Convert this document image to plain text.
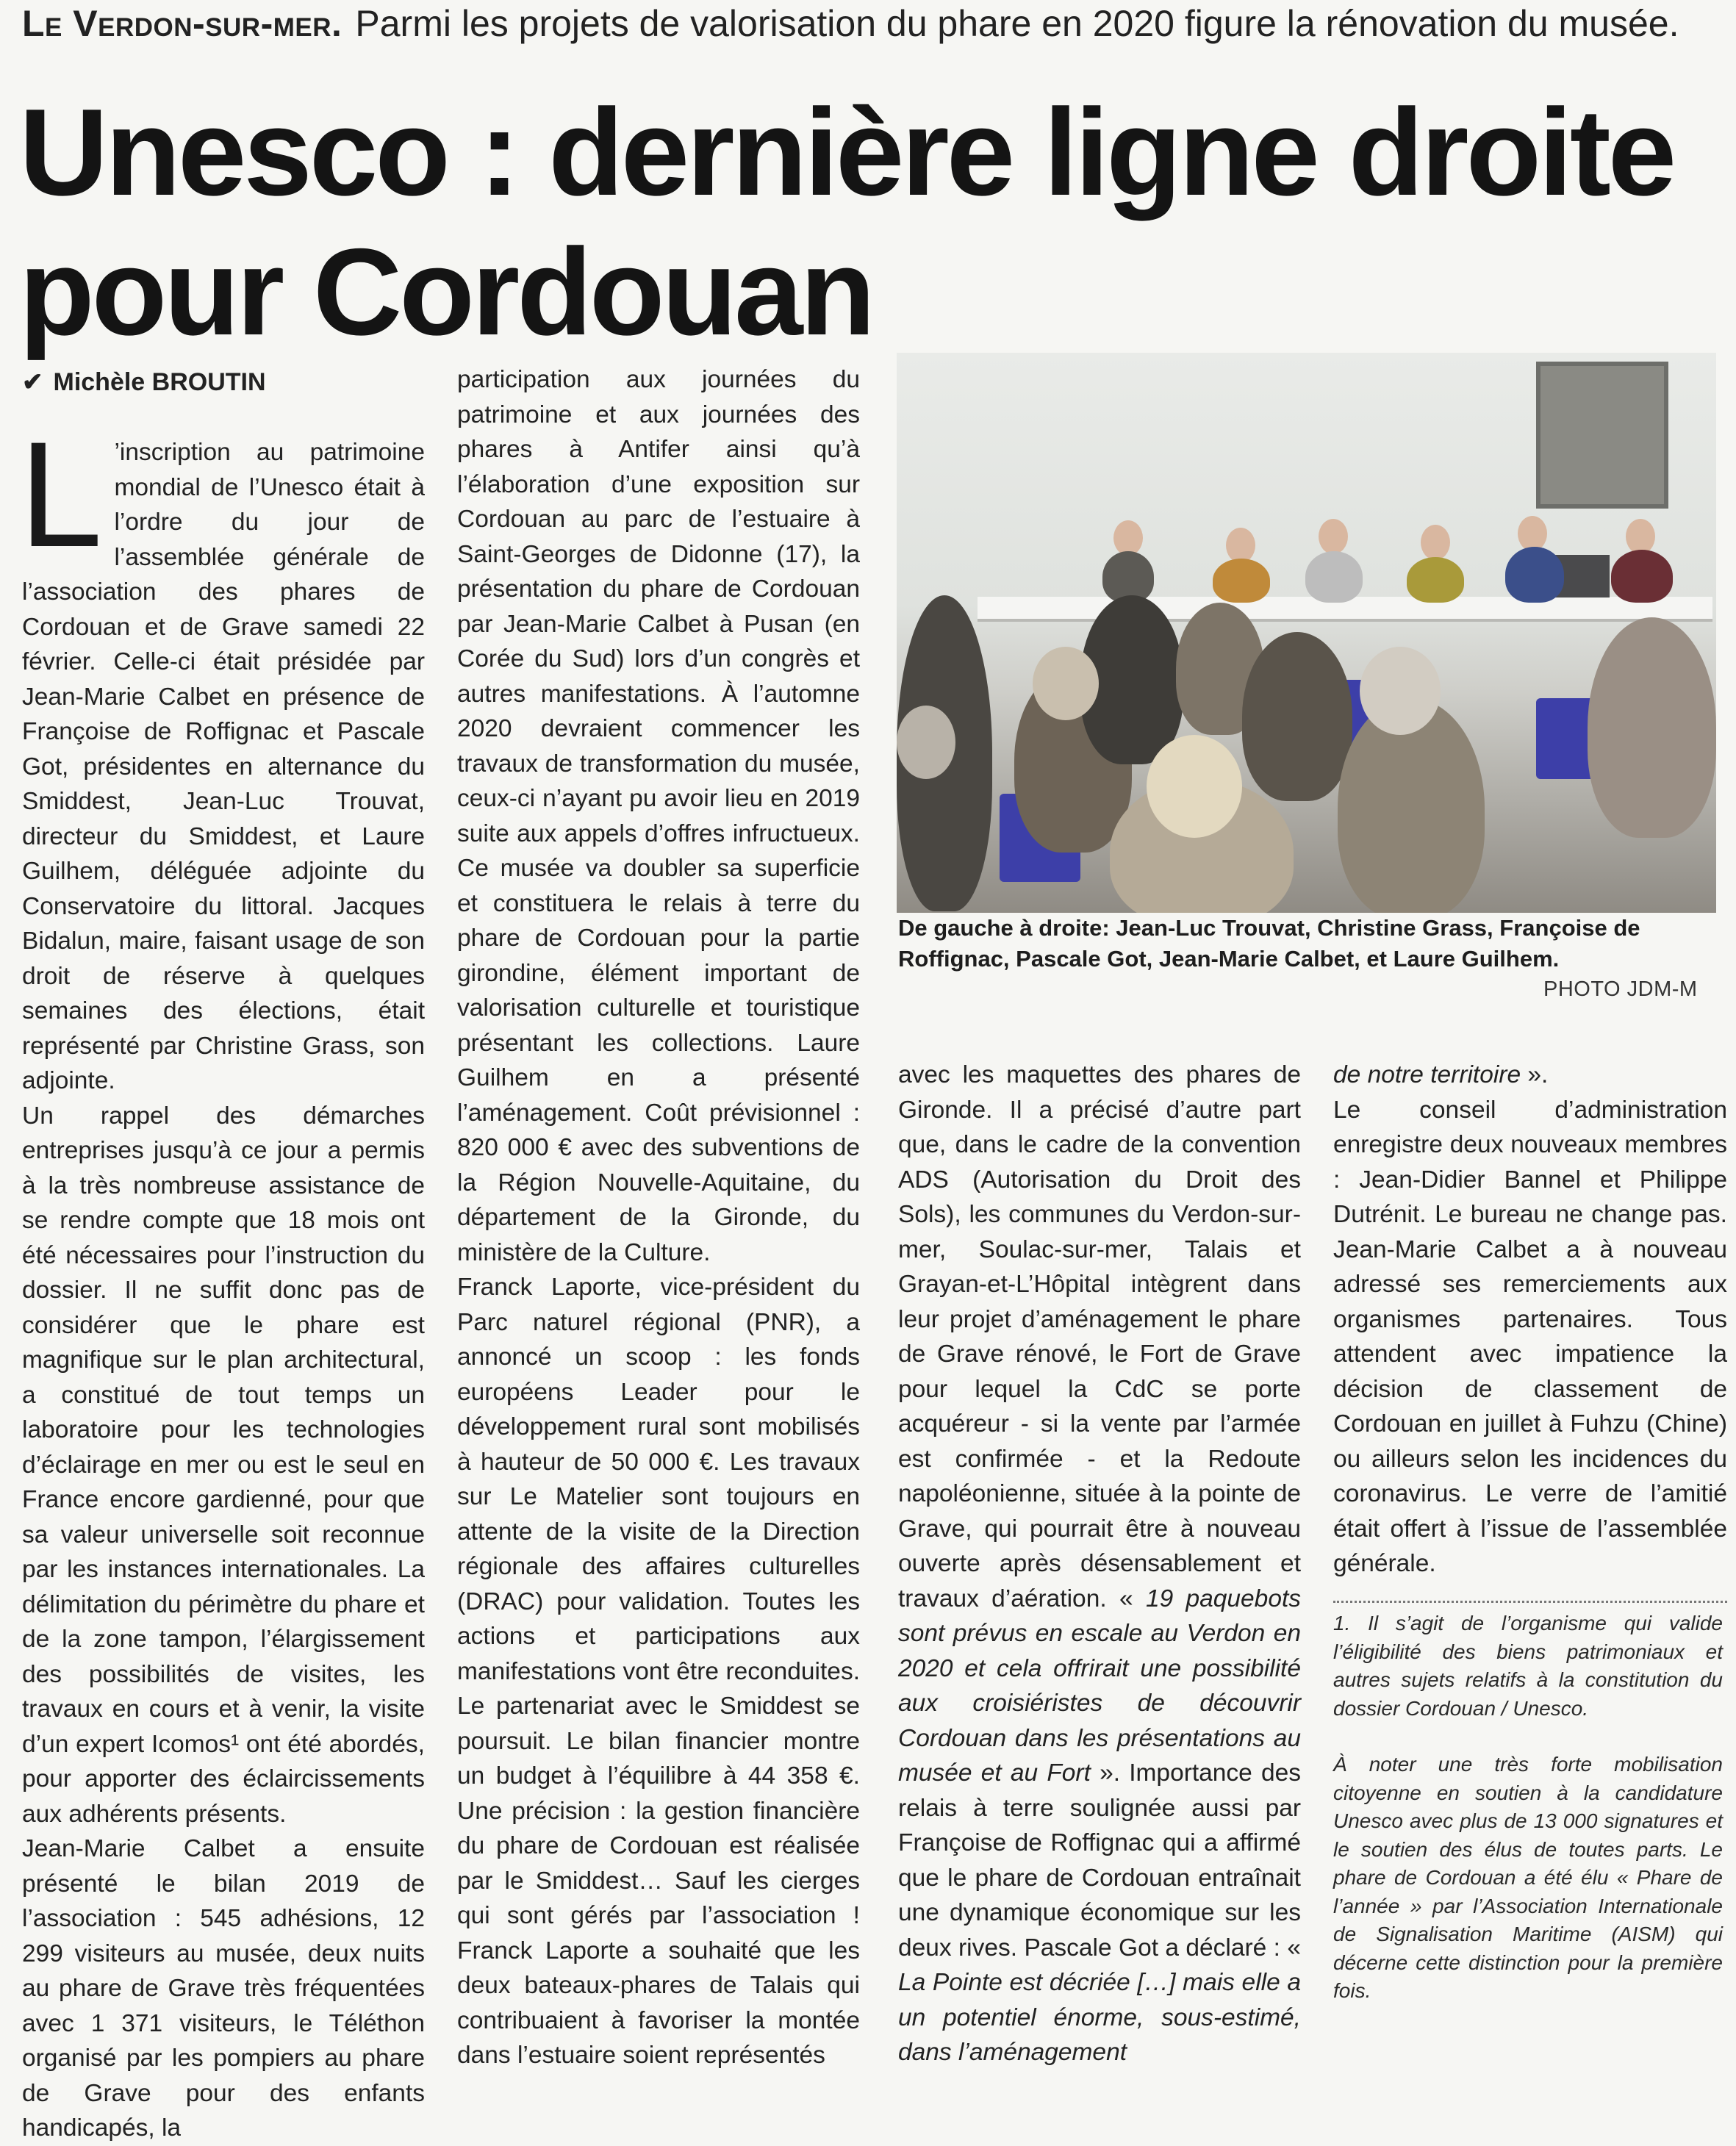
Le Verdon-sur-mer. Parmi les projets de valorisation du phare en 2020 figure la rénovation du musée.
Unesco : dernière ligne droite
pour Cordouan
✔ Michèle BROUTIN

L ’inscription au patrimoine mondial de l’Unesco était à l’ordre du jour de l’assemblée générale de l’association des phares de Cordouan et de Grave samedi 22 février. Celle-ci était présidée par Jean-Marie Calbet en présence de Françoise de Roffignac et Pascale Got, présidentes en alternance du Smiddest, Jean-Luc Trouvat, directeur du Smiddest, et Laure Guilhem, déléguée adjointe du Conservatoire du littoral. Jacques Bidalun, maire, faisant usage de son droit de réserve à quelques semaines des élections, était représenté par Christine Grass, son adjointe.

Un rappel des démarches entreprises jusqu’à ce jour a permis à la très nombreuse assistance de se rendre compte que 18 mois ont été nécessaires pour l’instruction du dossier. Il ne suffit donc pas de considérer que le phare est magnifique sur le plan architectural, a constitué de tout temps un laboratoire pour les technologies d’éclairage en mer ou est le seul en France encore gardienné, pour que sa valeur universelle soit reconnue par les instances internationales. La délimitation du périmètre du phare et de la zone tampon, l’élargissement des possibilités de visites, les travaux en cours et à venir, la visite d’un expert Icomos¹ ont été abordés, pour apporter des éclaircissements aux adhérents présents.

Jean-Marie Calbet a ensuite présenté le bilan 2019 de l’association : 545 adhésions, 12 299 visiteurs au musée, deux nuits au phare de Grave très fréquentées avec 1 371 visiteurs, le Téléthon organisé par les pompiers au phare de Grave pour des enfants handicapés, la

participation aux journées du patrimoine et aux journées des phares à Antifer ainsi qu’à l’élaboration d’une exposition sur Cordouan au parc de l’estuaire à Saint-Georges de Didonne (17), la présentation du phare de Cordouan par Jean-Marie Calbet à Pusan (en Corée du Sud) lors d’un congrès et autres manifestations. À l’automne 2020 devraient commencer les travaux de transformation du musée, ceux-ci n’ayant pu avoir lieu en 2019 suite aux appels d’offres infructueux. Ce musée va doubler sa superficie et constituera le relais à terre du phare de Cordouan pour la partie girondine, élément important de valorisation culturelle et touristique présentant les collections. Laure Guilhem en a présenté l’aménagement. Coût prévisionnel : 820 000 € avec des subventions de la Région Nouvelle-Aquitaine, du département de la Gironde, du ministère de la Culture.

Franck Laporte, vice-président du Parc naturel régional (PNR), a annoncé un scoop : les fonds européens Leader pour le développement rural sont mobilisés à hauteur de 50 000 €. Les travaux sur Le Matelier sont toujours en attente de la visite de la Direction régionale des affaires culturelles (DRAC) pour validation. Toutes les actions et participations aux manifestations vont être reconduites. Le partenariat avec le Smiddest se poursuit. Le bilan financier montre un budget à l’équilibre à 44 358 €. Une précision : la gestion financière du phare de Cordouan est réalisée par le Smiddest… Sauf les cierges qui sont gérés par l’association ! Franck Laporte a souhaité que les deux bateaux-phares de Talais qui contribuaient à favoriser la montée dans l’estuaire soient représentés

De gauche à droite: Jean-Luc Trouvat, Christine Grass, Françoise de Roffignac, Pascale Got, Jean-Marie Calbet, et Laure Guilhem.
PHOTO JDM-M

avec les maquettes des phares de Gironde. Il a précisé d’autre part que, dans le cadre de la convention ADS (Autorisation du Droit des Sols), les communes du Verdon-sur-mer, Soulac-sur-mer, Talais et Grayan-et-L’Hôpital intègrent dans leur projet d’aménagement le phare de Grave rénové, le Fort de Grave pour lequel la CdC se porte acquéreur - si la vente par l’armée est confirmée - et la Redoute napoléonienne, située à la pointe de Grave, qui pourrait être à nouveau ouverte après désensablement et travaux d’aération. « 19 paquebots sont prévus en escale au Verdon en 2020 et cela offrirait une possibilité aux croisiéristes de découvrir Cordouan dans les présentations au musée et au Fort ». Importance des relais à terre soulignée aussi par Françoise de Roffignac qui a affirmé que le phare de Cordouan entraînait une dynamique économique sur les deux rives. Pascale Got a déclaré : « La Pointe est décriée […] mais elle a un potentiel énorme, sous-estimé, dans l’aménagement

de notre territoire ».

Le conseil d’administration enregistre deux nouveaux membres : Jean-Didier Bannel et Philippe Dutrénit. Le bureau ne change pas. Jean-Marie Calbet a à nouveau adressé ses remerciements aux organismes partenaires. Tous attendent avec impatience la décision de classement de Cordouan en juillet à Fuhzu (Chine) ou ailleurs selon les incidences du coronavirus. Le verre de l’amitié était offert à l’issue de l’assemblée générale.

1. Il s’agit de l’organisme qui valide l’éligibilité des biens patrimoniaux et autres sujets relatifs à la constitution du dossier Cordouan / Unesco.

À noter une très forte mobilisation citoyenne en soutien à la candidature Unesco avec plus de 13 000 signatures et le soutien des élus de toutes parts. Le phare de Cordouan a été élu « Phare de l’année » par l’Association Internationale de Signalisation Maritime (AISM) qui décerne cette distinction pour la première fois.
